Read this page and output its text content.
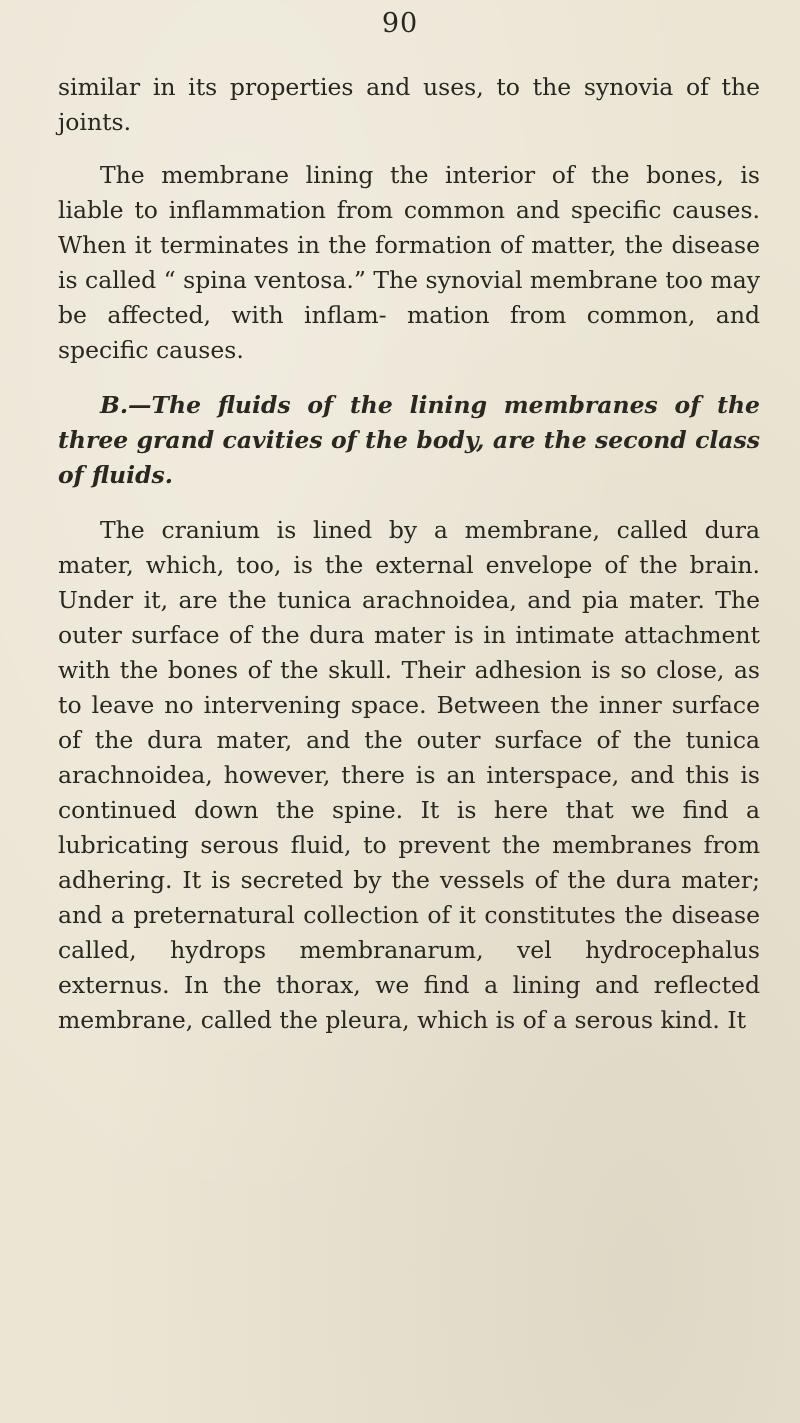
90

similar in its properties and uses, to the synovia of the joints.

The membrane lining the interior of the bones, is liable to inflammation from common and specific causes. When it terminates in the formation of matter, the disease is called “ spina ventosa.” The synovial membrane too may be affected, with inflam- mation from common, and specific causes.

B.—The fluids of the lining membranes of the three grand cavities of the body, are the second class of fluids.

The cranium is lined by a membrane, called dura mater, which, too, is the external envelope of the brain. Under it, are the tunica arachnoidea, and pia mater. The outer surface of the dura mater is in intimate attachment with the bones of the skull. Their adhesion is so close, as to leave no intervening space. Between the inner surface of the dura mater, and the outer surface of the tunica arachnoidea, however, there is an interspace, and this is continued down the spine. It is here that we find a lubricating serous fluid, to prevent the membranes from adhering. It is secreted by the vessels of the dura mater; and a preternatural collection of it constitutes the disease called, hydrops membranarum, vel hydrocephalus externus. In the thorax, we find a lining and reflected membrane, called the pleura, which is of a serous kind. It
